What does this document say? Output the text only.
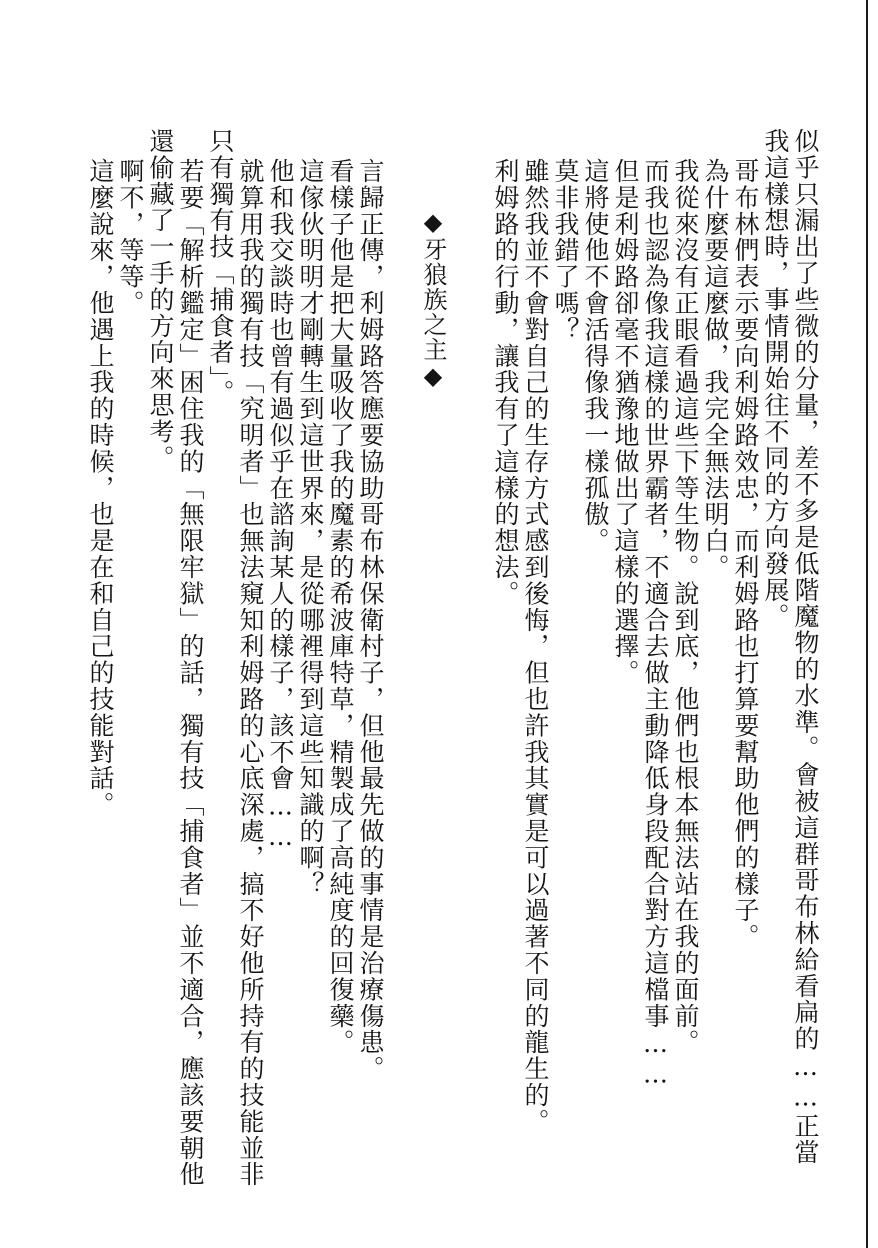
似乎只漏出了些微的分量，差不多是低階魔物的水準。會被這群哥布林給看扁的……正當
我這樣想時，事情開始往不同的方向發展。
哥布林們表示要向利姆路效忠，而利姆路也打算要幫助他們的樣子。
為什麼要這麼做，我完全無法明白。
我從來沒有正眼看過這些下等生物。說到底，他們也根本無法站在我的面前。
而我也認為像我這樣的世界霸者，不適合去做主動降低身段配合對方這檔事……
但是利姆路卻毫不猶豫地做出了這樣的選擇。
這將使他不會活得像我一樣孤傲。
莫非我錯了嗎？
雖然我並不會對自己的生存方式感到後悔，但也許我其實是可以過著不同的龍生的。
利姆路的行動，讓我有了這樣的想法。
◆牙狼族之主◆
言歸正傳，利姆路答應要協助哥布林保衛村子，但他最先做的事情是治療傷患。
看樣子他是把大量吸收了我的魔素的希波庫特草，精製成了高純度的回復藥。
這傢伙明明才剛轉生到這世界來，是從哪裡得到這些知識的啊？
他和我交談時也曾有過似乎在諮詢某人的樣子，該不會……
就算用我的獨有技「究明者」也無法窺知利姆路的心底深處，搞不好他所持有的技能並非
只有獨有技「捕食者」。
若要「解析鑑定」困住我的「無限牢獄」的話，獨有技「捕食者」並不適合，應該要朝他
還偷藏了一手的方向來思考。
啊不，等等。
這麼說來，他遇上我的時候，也是在和自己的技能對話。
